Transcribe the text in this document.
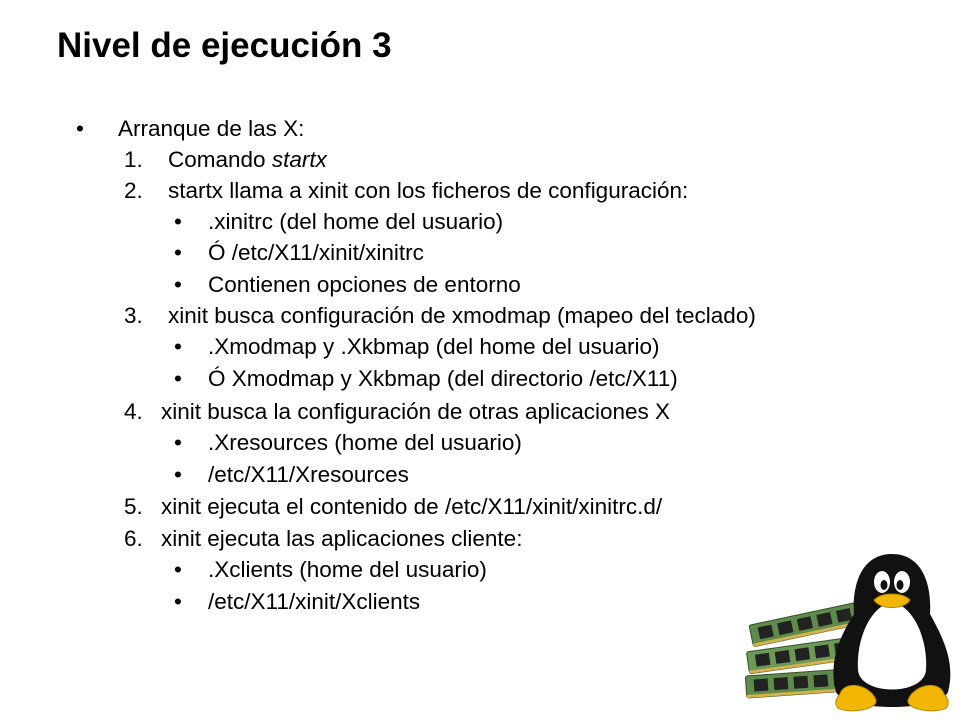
Nivel de ejecución 3
• Arranque de las X:
1. Comando startx
2. startx llama a xinit con los ficheros de configuración:
• .xinitrc (del home del usuario)
• Ó /etc/X11/xinit/xinitrc
• Contienen opciones de entorno
3. xinit busca configuración de xmodmap (mapeo del teclado)
• .Xmodmap y .Xkbmap (del home del usuario)
• Ó Xmodmap y Xkbmap (del directorio /etc/X11)
4. xinit busca la configuración de otras aplicaciones X
• .Xresources (home del usuario)
• /etc/X11/Xresources
5. xinit ejecuta el contenido de /etc/X11/xinit/xinitrc.d/
6. xinit ejecuta las aplicaciones cliente:
• .Xclients (home del usuario)
• /etc/X11/xinit/Xclients
